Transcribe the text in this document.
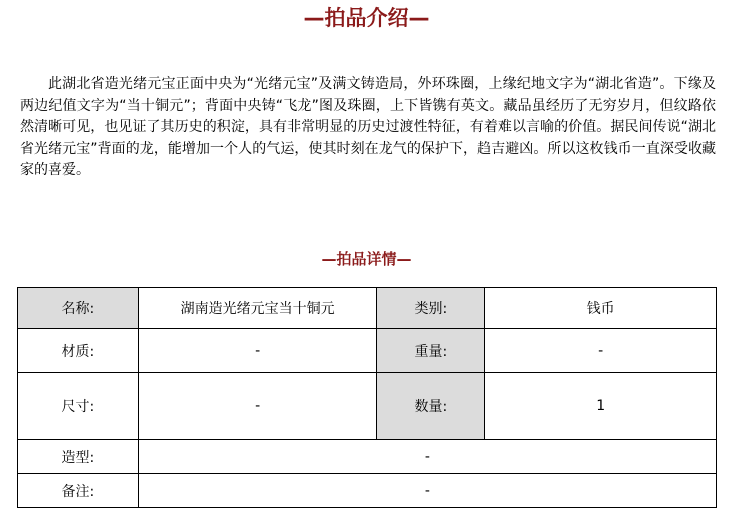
—拍品介绍—

此湖北省造光绪元宝正面中央为“光绪元宝”及满文铸造局，外环珠圈，上缘纪地文字为“湖北省造”。下缘及两边纪值文字为“当十铜元”；背面中央铸“飞龙”图及珠圈，上下皆镌有英文。藏品虽经历了无穷岁月，但纹路依然清晰可见，也见证了其历史的积淀，具有非常明显的历史过渡性特征，有着难以言喻的价值。据民间传说“湖北省光绪元宝”背面的龙，能增加一个人的气运，使其时刻在龙气的保护下，趋吉避凶。所以这枚钱币一直深受收藏家的喜爱。

—拍品详情—
名称:	湖南造光绪元宝当十铜元	类别:	钱币
材质:	-	重量:	-
尺寸:	-	数量:	1
造型:	-		
备注:	-		
